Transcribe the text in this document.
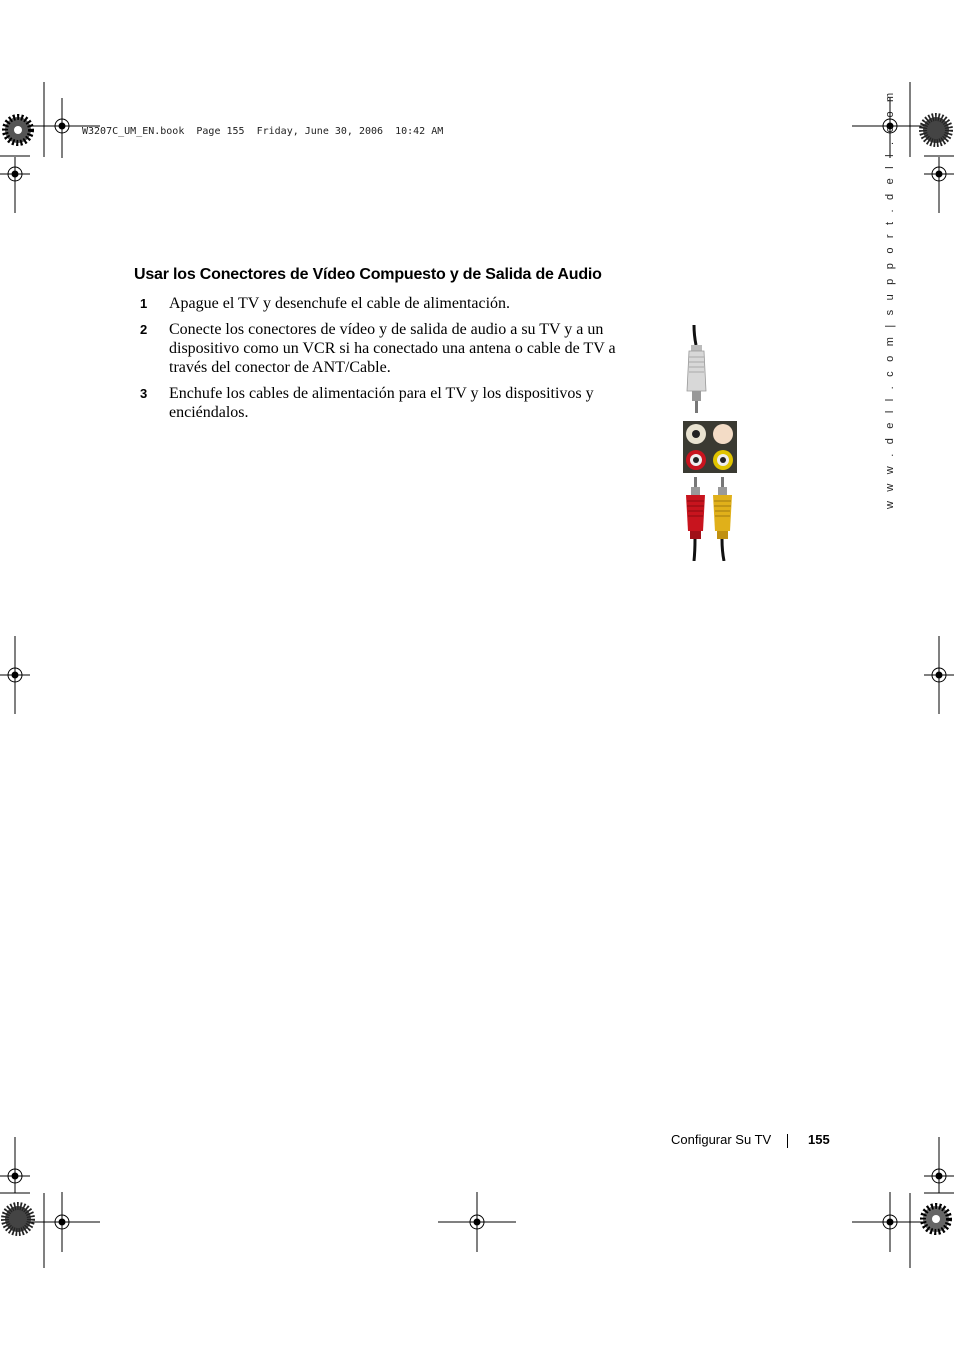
W3207C_UM_EN.book  Page 155  Friday, June 30, 2006  10:42 AM
Usar los Conectores de Vídeo Compuesto y de Salida de Audio
1 Apague el TV y desenchufe el cable de alimentación.
2 Conecte los conectores de vídeo y de salida de audio a su TV y a un dispositivo como un VCR si ha conectado una antena o cable de TV a través del conector de ANT/Cable.
3 Enchufe los cables de alimentación para el TV y los dispositivos y enciéndalos.	w w w . d e l l . c o m | s u p p o r t . d e l l . c o m
Configurar Su TV	155
